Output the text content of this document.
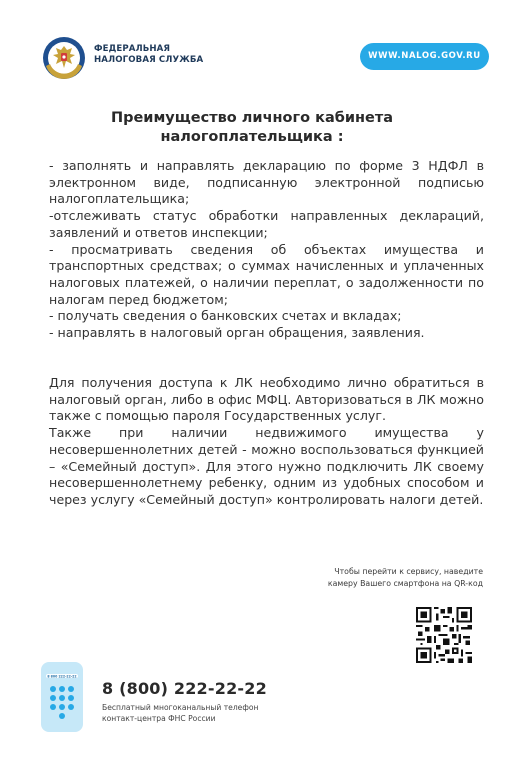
ФЕДЕРАЛЬНАЯ
НАЛОГОВАЯ СЛУЖБА	WWW.NALOG.GOV.RU
Преимущество личного кабинета
налогоплательщика :

- заполнять и направлять декларацию по форме 3 НДФЛ в электронном виде, подписанную электронной подписью налогоплательщика;

-отслеживать статус обработки направленных деклараций, заявлений и ответов инспекции;

- просматривать сведения об объектах имущества и транспортных средствах; о суммах начисленных и уплаченных налоговых платежей, о наличии переплат, о задолженности по налогам перед бюджетом;

- получать сведения о банковских счетах и вкладах;

- направлять в налоговый орган обращения, заявления.

Для получения доступа к ЛК необходимо лично обратиться в налоговый орган, либо в офис МФЦ. Авторизоваться в ЛК можно также с помощью пароля Государственных услуг.

Также при наличии недвижимого имущества у несовершеннолетних детей - можно воспользоваться функцией – «Семейный доступ». Для этого нужно подключить ЛК своему несовершеннолетнему ребенку, одним из удобных способом и через услугу «Семейный доступ» контролировать налоги детей.

Чтобы перейти к сервису, наведите
камеру Вашего смартфона на QR-код
8 800 222-22-22
8 (800) 222-22-22
Бесплатный многоканальный телефон
контакт-центра ФНС России
